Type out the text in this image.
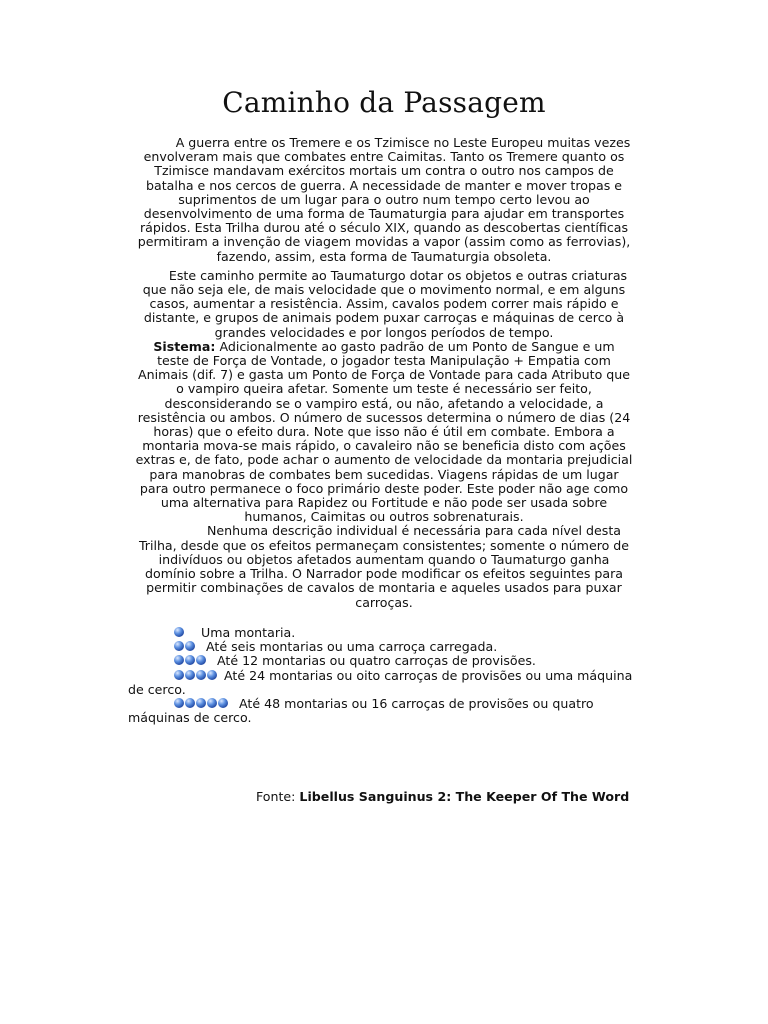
Caminho da Passagem
A guerra entre os Tremere e os Tzimisce no Leste Europeu muitas vezes
envolveram mais que combates entre Caimitas. Tanto os Tremere quanto os
Tzimisce mandavam exércitos mortais um contra o outro nos campos de
batalha e nos cercos de guerra. A necessidade de manter e mover tropas e
suprimentos de um lugar para o outro num tempo certo levou ao
desenvolvimento de uma forma de Taumaturgia para ajudar em transportes
rápidos. Esta Trilha durou até o século XIX, quando as descobertas científicas
permitiram a invenção de viagem movidas a vapor (assim como as ferrovias),
fazendo, assim, esta forma de Taumaturgia obsoleta.
Este caminho permite ao Taumaturgo dotar os objetos e outras criaturas
que não seja ele, de mais velocidade que o movimento normal, e em alguns
casos, aumentar a resistência. Assim, cavalos podem correr mais rápido e
distante, e grupos de animais podem puxar carroças e máquinas de cerco à
grandes velocidades e por longos períodos de tempo.
Sistema: Adicionalmente ao gasto padrão de um Ponto de Sangue e um
teste de Força de Vontade, o jogador testa Manipulação + Empatia com
Animais (dif. 7) e gasta um Ponto de Força de Vontade para cada Atributo que
o vampiro queira afetar. Somente um teste é necessário ser feito,
desconsiderando se o vampiro está, ou não, afetando a velocidade, a
resistência ou ambos. O número de sucessos determina o número de dias (24
horas) que o efeito dura. Note que isso não é útil em combate. Embora a
montaria mova-se mais rápido, o cavaleiro não se beneficia disto com ações
extras e, de fato, pode achar o aumento de velocidade da montaria prejudicial
para manobras de combates bem sucedidas. Viagens rápidas de um lugar
para outro permanece o foco primário deste poder. Este poder não age como
uma alternativa para Rapidez ou Fortitude e não pode ser usada sobre
humanos, Caimitas ou outros sobrenaturais.
Nenhuma descrição individual é necessária para cada nível desta
Trilha, desde que os efeitos permaneçam consistentes; somente o número de
indivíduos ou objetos afetados aumentam quando o Taumaturgo ganha
domínio sobre a Trilha. O Narrador pode modificar os efeitos seguintes para
permitir combinações de cavalos de montaria e aqueles usados para puxar
carroças.
Uma montaria.
Até seis montarias ou uma carroça carregada.
Até 12 montarias ou quatro carroças de provisões.
Até 24 montarias ou oito carroças de provisões ou uma máquina
de cerco.
Até 48 montarias ou 16 carroças de provisões ou quatro
máquinas de cerco.
Fonte: Libellus Sanguinus 2: The Keeper Of The Word
